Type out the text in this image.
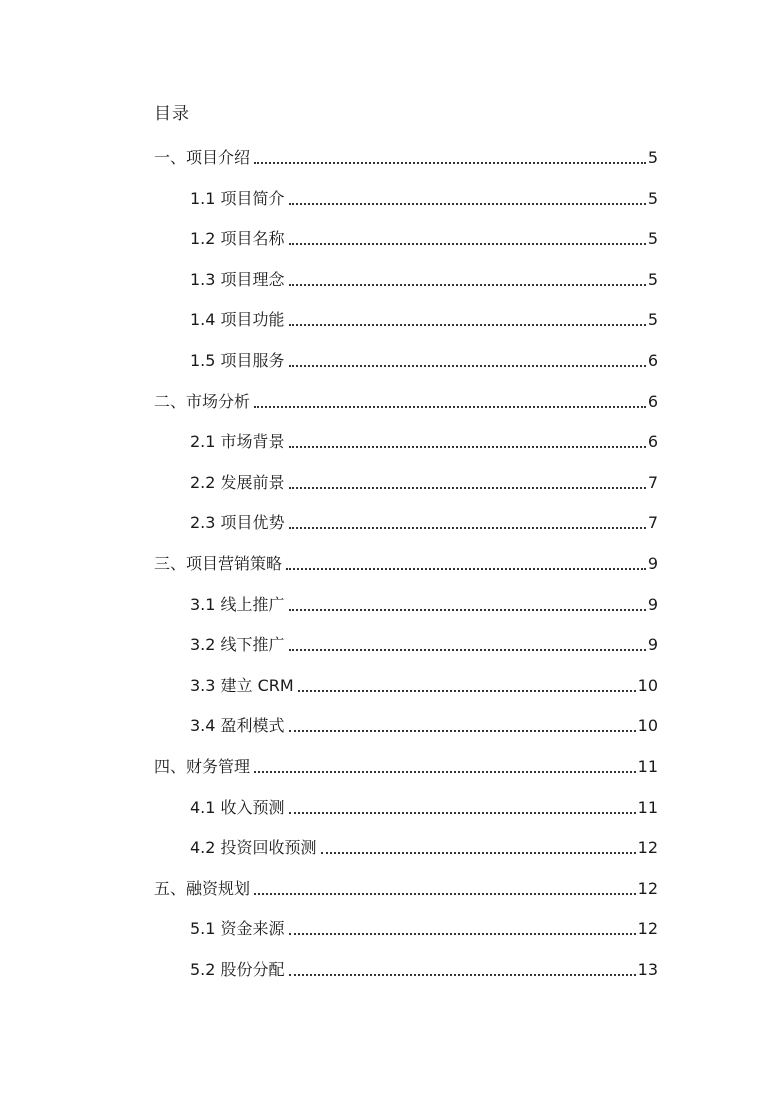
目录
一、项目介绍	5
1.1 项目简介	5
1.2 项目名称	5
1.3 项目理念	5
1.4 项目功能	5
1.5 项目服务	6
二、市场分析	6
2.1 市场背景	6
2.2 发展前景	7
2.3 项目优势	7
三、项目营销策略	9
3.1 线上推广	9
3.2 线下推广	9
3.3 建立 CRM	10
3.4 盈利模式	10
四、财务管理	11
4.1 收入预测	11
4.2 投资回收预测	12
五、融资规划	12
5.1 资金来源	12
5.2 股份分配	13
